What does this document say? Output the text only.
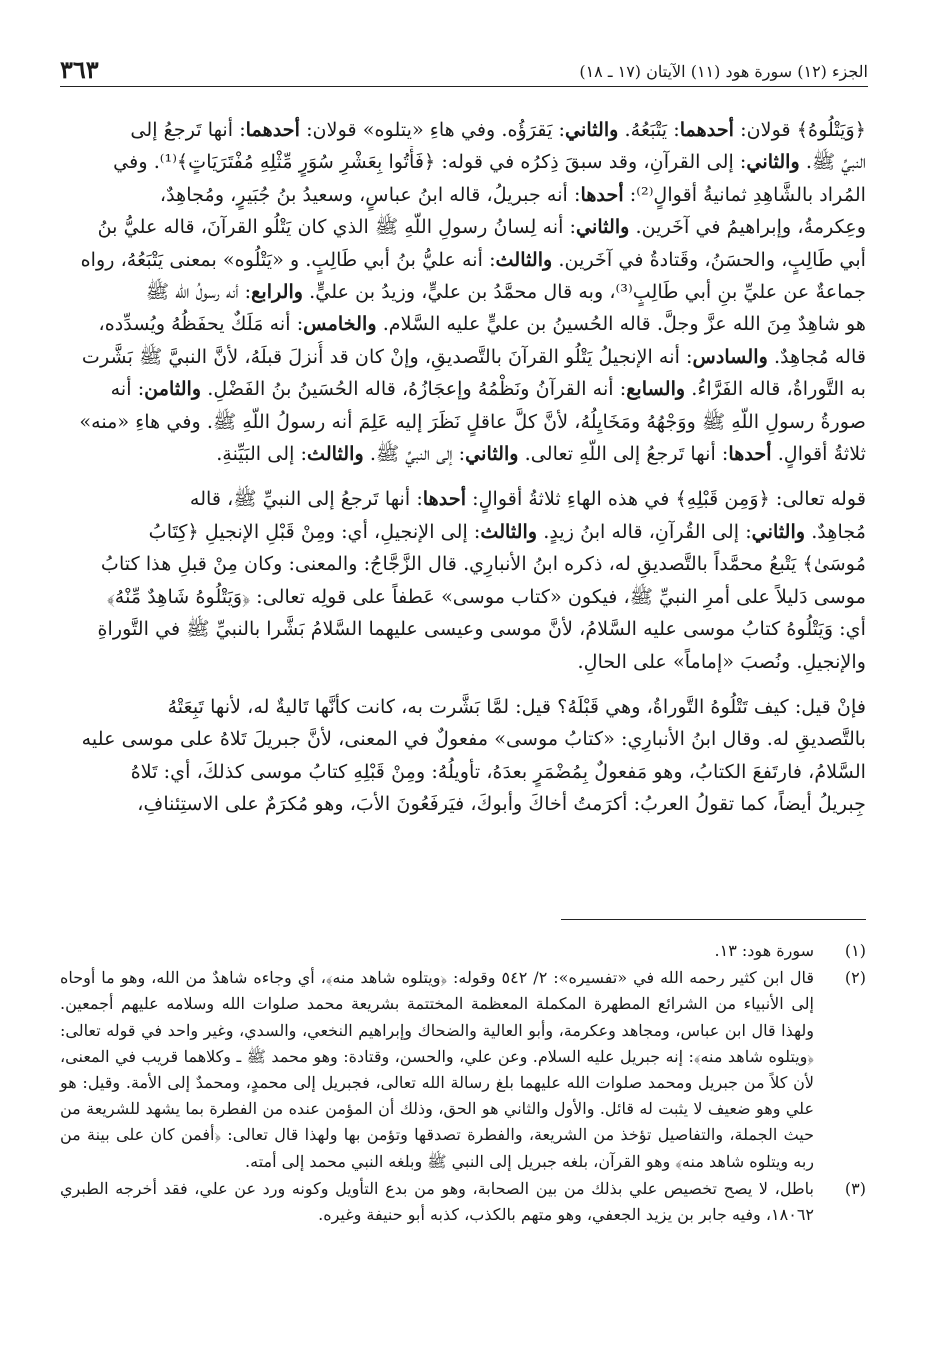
الجزء (١٢) سورة هود (١١) الآيتان (١٧ ـ ١٨)
٣٦٣
﴿وَيَتْلُوهُ﴾ قولان: أحدهما: يَتْبَعُهُ. والثاني: يَقرَؤُه. وفي هاءِ «يتلوه» قولان: أحدهما: أنها تَرجعُ إلى
النبيِّ ﷺ. والثاني: إلى القرآنِ، وقد سبقَ ذِكرُه في قوله: ﴿فَأْتُوا بِعَشْرِ سُوَرٍ مِّثْلِهِ مُفْتَرَيَاتٍ﴾⁽¹⁾. وفي
المُراد بالشَّاهِدِ ثمانيةُ أقوالٍ⁽²⁾: أحدها: أنه جبريلُ، قاله ابنُ عباسٍ، وسعيدُ بنُ جُبَيرٍ، ومُجاهِدٌ،
وعِكرمةُ، وإبراهيمُ في آخَرين. والثاني: أنه لِسانُ رسولِ اللّهِ ﷺ الذي كان يَتْلُو القرآنَ، قاله عليُّ بنُ
أبي طَالِبٍ، والحسَنُ، وقَتادةُ في آخَرين. والثالث: أنه عليُّ بنُ أبي طَالِبٍ. و «يَتْلُوه» بمعنى يَتْبَعُهُ، رواه
جماعةٌ عن عليِّ بنِ أبي طَالِبٍ⁽³⁾، وبه قال محمَّدُ بن عليٍّ، وزيدُ بن عليٍّ. والرابع: أنه رسولُ الله ﷺ
هو شاهِدٌ مِنَ الله عزَّ وجلَّ. قاله الحُسينُ بن عليٍّ عليه السَّلام. والخامس: أنه مَلَكٌ يحفَظُهُ ويُسدِّده،
قاله مُجاهِدٌ. والسادس: أنه الإنجيلُ يَتْلُو القرآنَ بالتَّصديقِ، وإنْ كان قد أُنزلَ قبلَهُ، لأنَّ النبيَّ ﷺ بَشَّرت
به التَّوراةُ، قاله الفَرَّاءُ. والسابع: أنه القرآنُ ونَظْمُهُ وإعجَازُهُ، قاله الحُسَينُ بنُ الفَضْلِ. والثامن: أنه
صورةُ رسولِ اللّهِ ﷺ ووَجْهُهُ ومَخَايِلُهُ، لأنَّ كلَّ عاقلٍ نَظَرَ إليه عَلِمَ أنه رسولُ اللّهِ ﷺ. وفي هاءِ «منه»
ثلاثةُ أقوالٍ. أحدها: أنها تَرجعُ إلى اللّهِ تعالى. والثاني: إلى النبيِّ ﷺ. والثالث: إلى البَيِّنةِ.
قوله تعالى: ﴿وَمِن قَبْلِهِ﴾ في هذه الهاءِ ثلاثةُ أقوالٍ: أحدها: أنها تَرجعُ إلى النبيِّ ﷺ، قاله
مُجاهِدٌ. والثاني: إلى القُرآنِ، قاله ابنُ زيدٍ. والثالث: إلى الإنجيلِ، أي: ومِنْ قَبْلِ الإنجيلِ ﴿كِتَابُ
مُوسَىٰ﴾ يَتْبعُ محمَّداً بالتَّصديقِ له، ذكره ابنُ الأنبارِي. قال الزَّجَّاجُ: والمعنى: وكان مِنْ قبلِ هذا كتابُ
موسى دَليلاً على أمرِ النبيِّ ﷺ، فيكون «كتاب موسى» عَطفاً على قولِه تعالى: ﴿وَيَتْلُوهُ شَاهِدٌ مِّنْهُ﴾
أي: وَيَتْلُوهُ كتابُ موسى عليه السَّلامُ، لأنَّ موسى وعيسى عليهما السَّلامُ بَشَّرا بالنبيِّ ﷺ في التَّوراةِ
والإنجيلِ. ونُصبَ «إماماً» على الحالِ.
فإنْ قيل: كيف تَتْلُوهُ التَّوراةُ، وهي قَبْلَهُ؟ قيل: لمَّا بَشَّرت به، كانت كأنَّها تَاليةٌ له، لأنها تَبِعَتْهُ
بالتَّصديقِ له. وقال ابنُ الأنبارِي: «كتابُ موسى» مفعولٌ في المعنى، لأنَّ جبريلَ تَلاهُ على موسى عليه
السَّلامُ، فارتَفعَ الكتابُ، وهو مَفعولٌ بِمُضْمَرٍ بعدَهُ، تأويلُهُ: ومِنْ قَبْلِهِ كتابُ موسى كذلكَ، أي: تَلاهُ
جِبريلُ أيضاً، كما تقولُ العربُ: أكرَمتُ أخاكَ وأبوكَ، فيَرفَعُونَ الأبَ، وهو مُكرَمٌ على الاستِئنافِ،
(١)
سورة هود: ١٣.
(٢)
قال ابن كثير رحمه الله في «تفسيره»: ٢/ ٥٤٢ وقوله: ﴿ويتلوه شاهد منه﴾، أي وجاءه شاهدٌ من الله، وهو ما أوحاه إلى الأنبياء من الشرائع المطهرة المكملة المعظمة المختتمة بشريعة محمد صلوات الله وسلامه عليهم أجمعين. ولهذا قال ابن عباس، ومجاهد وعكرمة، وأبو العالية والضحاك وإبراهيم النخعي، والسدي، وغير واحد في قوله تعالى: ﴿ويتلوه شاهد منه﴾: إنه جبريل عليه السلام. وعن علي، والحسن، وقتادة: وهو محمد ﷺ ـ وكلاهما قريب في المعنى، لأن كلاً من جبريل ومحمد صلوات الله عليهما بلغ رسالة الله تعالى، فجبريل إلى محمدٍ، ومحمدٌ إلى الأمة. وقيل: هو علي وهو ضعيف لا يثبت له قائل. والأول والثاني هو الحق، وذلك أن المؤمن عنده من الفطرة بما يشهد للشريعة من حيث الجملة، والتفاصيل تؤخذ من الشريعة، والفطرة تصدقها وتؤمن بها ولهذا قال تعالى: ﴿أفمن كان على بينة من ربه ويتلوه شاهد منه﴾ وهو القرآن، بلغه جبريل إلى النبي ﷺ وبلغه النبي محمد إلى أمته.
(٣)
باطل، لا يصح تخصيص علي بذلك من بين الصحابة، وهو من بدع التأويل وكونه ورد عن علي، فقد أخرجه الطبري ١٨٠٦٢، وفيه جابر بن يزيد الجعفي، وهو متهم بالكذب، كذبه أبو حنيفة وغيره.
